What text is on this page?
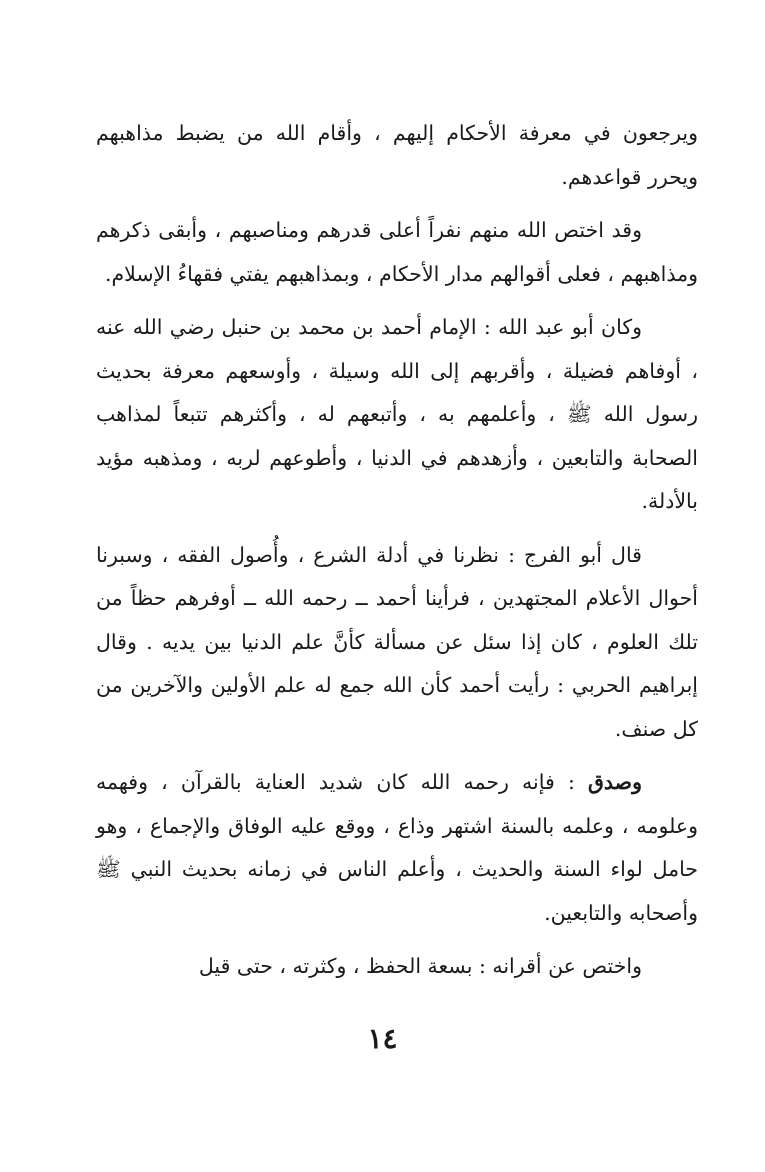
ويرجعون في معرفة الأحكام إليهم ، وأقام الله من يضبط مذاهبهم ويحرر قواعدهم.

وقد اختص الله منهم نفراً أعلى قدرهم ومناصبهم ، وأبقى ذكرهم ومذاهبهم ، فعلى أقوالهم مدار الأحكام ، وبمذاهبهم يفتي فقهاءُ الإسلام.

وكان أبو عبد الله : الإمام أحمد بن محمد بن حنبل رضي الله عنه ، أوفاهم فضيلة ، وأقربهم إلى الله وسيلة ، وأوسعهم معرفة بحديث رسول الله ﷺ ، وأعلمهم به ، وأتبعهم له ، وأكثرهم تتبعاً لمذاهب الصحابة والتابعين ، وأزهدهم في الدنيا ، وأطوعهم لربه ، ومذهبه مؤيد بالأدلة.

قال أبو الفرج : نظرنا في أدلة الشرع ، وأُصول الفقه ، وسبرنا أحوال الأعلام المجتهدين ، فرأينا أحمد ــ رحمه الله ــ أوفرهم حظاً من تلك العلوم ، كان إذا سئل عن مسألة كأنَّ علم الدنيا بين يديه . وقال إبراهيم الحربي : رأيت أحمد كأن الله جمع له علم الأولين والآخرين من كل صنف.

وصدق : فإنه رحمه الله كان شديد العناية بالقرآن ، وفهمه وعلومه ، وعلمه بالسنة اشتهر وذاع ، ووقع عليه الوفاق والإجماع ، وهو حامل لواء السنة والحديث ، وأعلم الناس في زمانه بحديث النبي ﷺ وأصحابه والتابعين.

واختص عن أقرانه : بسعة الحفظ ، وكثرته ، حتى قيل

١٤
